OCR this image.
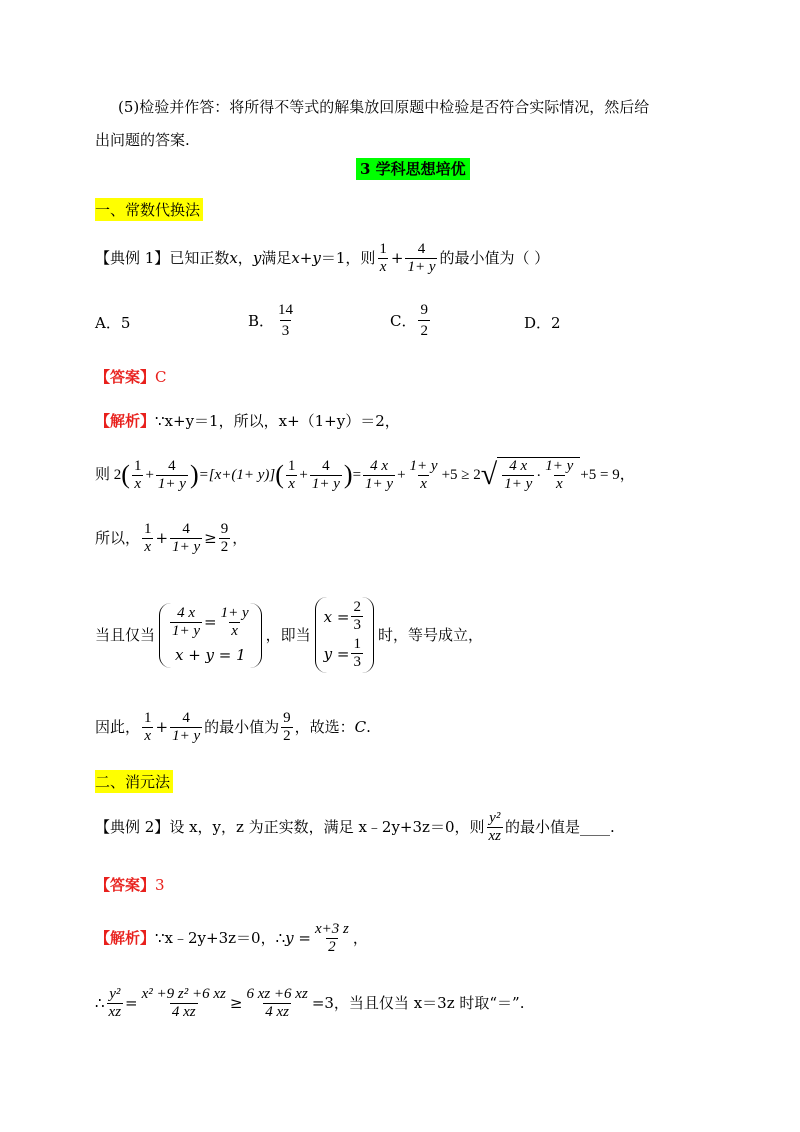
(5)检验并作答：将所得不等式的解集放回原题中检验是否符合实际情况，然后给
出问题的答案.
3 学科思想培优
一、常数代换法
【典例 1】 已知正数 x ， y 满足 x+y ＝1，则 $\frac{1}{x} + \frac{4}{1+ y}$ 的最小值为（ ）
A．5	B． $\frac{14}{3}$	C． $\frac{9}{2}$	D．2
【答案】C
【解析】∵x+y＝1，所以，x+（1+y）＝2，
则 2 ( $\frac{1}{x} + \frac{4}{1+ y}$ ) =[x+(1+ y)] ( $\frac{1}{x} + \frac{4}{1+ y}$ ) = $\frac{4 x}{1+ y} + \frac{1+ y}{x} +5 \ge 2$ √ $\frac{4 x}{1+ y} \cdot \frac{1+ y}{x} +5 = 9$，
所以， $\frac{1}{x} + \frac{4}{1+ y} \ge \frac{9}{2}$ ，
当且仅当 $\frac{4 x}{1+ y} = \frac{1+ y}{x}$
x + y = 1
，即当
$x = \frac{2}{3}$
$y = \frac{1}{3}$
时，等号成立，
因此， $\frac{1}{x} + \frac{4}{1+ y}$ 的最小值为 $\frac{9}{2}$ ，故选： C .
二、消元法
【典例 2】 设 x，y，z 为正实数，满足 x﹣2y+3z＝0，则 $\frac{\text{y²}}{xz}$ 的最小值是 ____ .
【答案】3
【解析】 ∵x﹣2y+3z＝0，∴ $y = \frac{x+3 z}{2}$ ，
∴ $\frac{\text{y²}}{xz} = \frac{\text{x² +9 z² +6 xz}}{4 xz} \ge \frac{6 xz +6 xz}{4 xz} =3$，当且仅当 x＝3z 时取“＝”.
